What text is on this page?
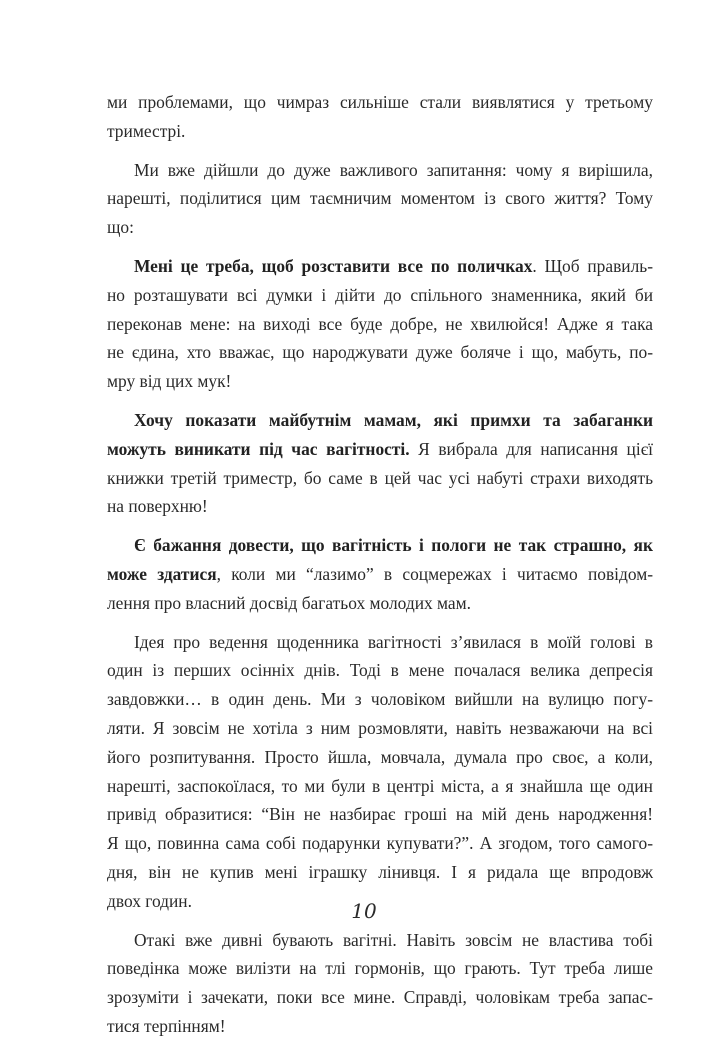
ми проблемами, що чимраз сильніше стали виявлятися у третьому
триместрі.
Ми вже дійшли до дуже важливого запитання: чому я вирішила,
нарешті, поділитися цим таємничим моментом із свого життя? Тому
що:
Мені це треба, щоб розставити все по поличках. Щоб правиль-
но розташувати всі думки і дійти до спільного знаменника, який би
переконав мене: на виході все буде добре, не хвилюйся! Адже я така
не єдина, хто вважає, що народжувати дуже боляче і що, мабуть, по-
мру від цих мук!
Хочу показати майбутнім мамам, які примхи та забаганки
можуть виникати під час вагітності. Я вибрала для написання цієї
книжки третій триместр, бо саме в цей час усі набуті страхи виходять
на поверхню!
Є бажання довести, що вагітність і пологи не так страшно, як
може здатися, коли ми “лазимо” в соцмережах і читаємо повідом-
лення про власний досвід багатьох молодих мам.
Ідея про ведення щоденника вагітності з’явилася в моїй голові в
один із перших осінніх днів. Тоді в мене почалася велика депресія
завдовжки… в один день. Ми з чоловіком вийшли на вулицю погу-
ляти. Я зовсім не хотіла з ним розмовляти, навіть незважаючи на всі
його розпитування. Просто йшла, мовчала, думала про своє, а коли,
нарешті, заспокоїлася, то ми були в центрі міста, а я знайшла ще один
привід образитися: “Він не назбирає гроші на мій день народження!
Я що, повинна сама собі подарунки купувати?”. А згодом, того самого-
дня, він не купив мені іграшку лінивця. І я ридала ще впродовж
двох годин.
Отакі вже дивні бувають вагітні. Навіть зовсім не властива тобі
поведінка може вилізти на тлі гормонів, що грають. Тут треба лише
зрозуміти і зачекати, поки все мине. Справді, чоловікам треба запас-
тися терпінням!
10
